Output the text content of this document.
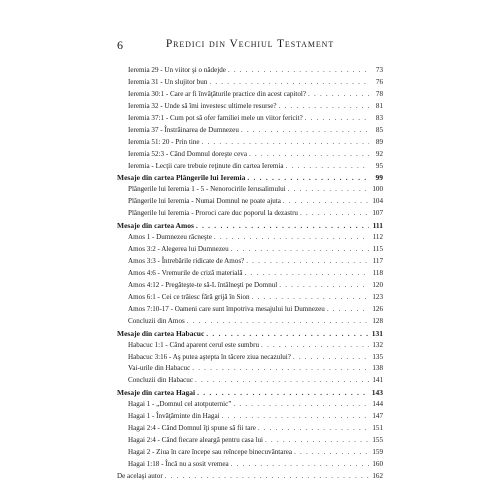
6	Predici din Vechiul Testament
Ieremia 29 - Un viitor şi o nădejde . . .	73
Ieremia 31 - Un slujitor bun . . .	76
Ieremia 30:1 - Care ar fi învăţăturile practice din acest capitol? . . .	78
Ieremia 32 - Unde să îmi investesc ultimele resurse? . . .	81
Ieremia 37:1 - Cum pot să ofer familiei mele un viitor fericit? . . .	83
Ieremia 37 - Înstrăinarea de Dumnezeu . . .	85
Ieremia 51: 20 - Prin tine . . .	89
Ieremia 52:3 - Când Domnul doreşte ceva . . .	92
Ieremia - Lecţii care trebuie reţinute din cartea Ieremia . . .	95
Mesaje din cartea Plângerile lui Ieremia . . .	99
Plângerile lui Ieremia 1 - 5 - Nenorocirile Ierusalimului . . .	100
Plângerile lui Ieremia - Numai Domnul ne poate ajuta . . .	104
Plângerile lui Ieremia - Proroci care duc poporul la dezastru . . .	107
Mesaje din cartea Amos . . .	111
Amos 1 - Dumnezeu răcneşte . . .	112
Amos 3:2 - Alegerea lui Dumnezeu . . .	115
Amos 3:3 - Întrebările ridicate de Amos? . . .	117
Amos 4:6 - Vremurile de criză materială . . .	118
Amos 4:12 - Pregăteşte-te să-L întâlneşti pe Domnul . . .	120
Amos 6:1 - Cei ce trăiesc fără grijă în Sion . . .	123
Amos 7:10-17 - Oameni care sunt împotriva mesajului lui Dumnezeu . . .	126
Concluzii din Amos . . .	128
Mesaje din cartea Habacuc . . .	131
Habacuc 1:1 - Când aparent cerul este sumbru . . .	132
Habacuc 3:16 - Aş putea aştepta în tăcere ziua necazului? . . .	135
Vai-urile din Habacuc . . .	138
Concluzii din Habacuc . . .	141
Mesaje din cartea Hagai . . .	143
Hagai 1 - „Domnul cel atotputernic” . . .	144
Hagai 1 - Învăţăminte din Hagai . . .	147
Hagai 2:4 - Când Domnul îţi spune să fii tare . . .	151
Hagai 2:4 - Când fiecare aleargă pentru casa lui . . .	155
Hagai 2 - Ziua în care începe sau reîncepe binecuvântarea . . .	159
Hagai 1:18 - Încă nu a sosit vremea . . .	160
De acelaşi autor . . .	162
